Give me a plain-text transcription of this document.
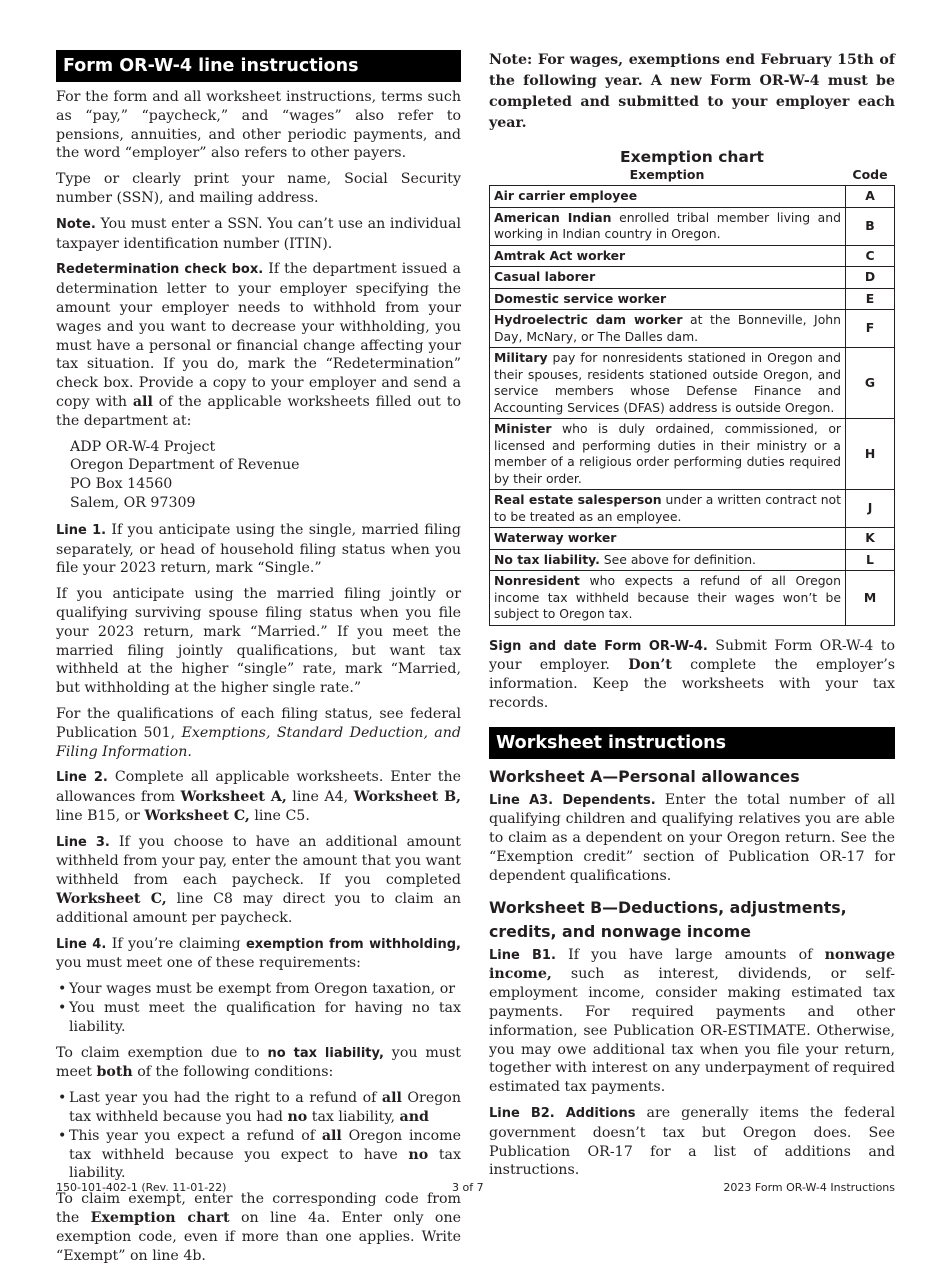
Form OR-W-4 line instructions

For the form and all worksheet instructions, terms such as “pay,” “paycheck,” and “wages” also refer to pensions, annuities, and other periodic payments, and the word “employer” also refers to other payers.

Type or clearly print your name, Social Security number (SSN), and mailing address.

Note. You must enter a SSN. You can’t use an individual taxpayer identification number (ITIN).

Redetermination check box. If the department issued a determination letter to your employer specifying the amount your employer needs to withhold from your wages and you want to decrease your withholding, you must have a personal or financial change affecting your tax situation. If you do, mark the “Redetermination” check box. Provide a copy to your employer and send a copy with all of the applicable worksheets filled out to the department at:

ADP OR-W-4 Project
Oregon Department of Revenue
PO Box 14560
Salem, OR 97309

Line 1. If you anticipate using the single, married filing separately, or head of household filing status when you file your 2023 return, mark “Single.”

If you anticipate using the married filing jointly or qualifying surviving spouse filing status when you file your 2023 return, mark “Married.” If you meet the married filing jointly qualifications, but want tax withheld at the higher “single” rate, mark “Married, but withholding at the higher single rate.”

For the qualifications of each filing status, see federal Publication 501, Exemptions, Standard Deduction, and Filing Information.

Line 2. Complete all applicable worksheets. Enter the allowances from Worksheet A, line A4, Worksheet B, line B15, or Worksheet C, line C5.

Line 3. If you choose to have an additional amount withheld from your pay, enter the amount that you want withheld from each paycheck. If you completed Worksheet C, line C8 may direct you to claim an additional amount per paycheck.

Line 4. If you’re claiming exemption from withholding, you must meet one of these requirements:

• Your wages must be exempt from Oregon taxation, or
• You must meet the qualification for having no tax liability.

To claim exemption due to no tax liability, you must meet both of the following conditions:

• Last year you had the right to a refund of all Oregon tax withheld because you had no tax liability, and
• This year you expect a refund of all Oregon income tax withheld because you expect to have no tax liability.

To claim exempt, enter the corresponding code from the Exemption chart on line 4a. Enter only one exemption code, even if more than one applies. Write “Exempt” on line 4b.

Note: For wages, exemptions end February 15th of the following year. A new Form OR-W-4 must be completed and submitted to your employer each year.
Exemption chart
Exemption	Code
Air carrier employee	A
American Indian enrolled tribal member living and working in Indian country in Oregon.	B
Amtrak Act worker	C
Casual laborer	D
Domestic service worker	E
Hydroelectric dam worker at the Bonneville, John Day, McNary, or The Dalles dam.	F
Military pay for nonresidents stationed in Oregon and their spouses, residents stationed outside Oregon, and service members whose Defense Finance and Accounting Services (DFAS) address is outside Oregon.	G
Minister who is duly ordained, commissioned, or licensed and performing duties in their ministry or a member of a religious order performing duties required by their order.	H
Real estate salesperson under a written contract not to be treated as an employee.	J
Waterway worker	K
No tax liability. See above for definition.	L
Nonresident who expects a refund of all Oregon income tax withheld because their wages won’t be subject to Oregon tax.	M

Sign and date Form OR-W-4. Submit Form OR-W-4 to your employer. Don’t complete the employer’s information. Keep the worksheets with your tax records.

Worksheet instructions
Worksheet A—Personal allowances

Line A3. Dependents. Enter the total number of all qualifying children and qualifying relatives you are able to claim as a dependent on your Oregon return. See the “Exemption credit” section of Publication OR-17 for dependent qualifications.

Worksheet B—Deductions, adjustments, credits, and nonwage income

Line B1. If you have large amounts of nonwage income, such as interest, dividends, or self-employment income, consider making estimated tax payments. For required payments and other information, see Publication OR-ESTIMATE. Otherwise, you may owe additional tax when you file your return, together with interest on any underpayment of required estimated tax payments.

Line B2. Additions are generally items the federal government doesn’t tax but Oregon does. See Publication OR-17 for a list of additions and instructions.

150-101-402-1 (Rev. 11-01-22)	3 of 7	2023 Form OR-W-4 Instructions
